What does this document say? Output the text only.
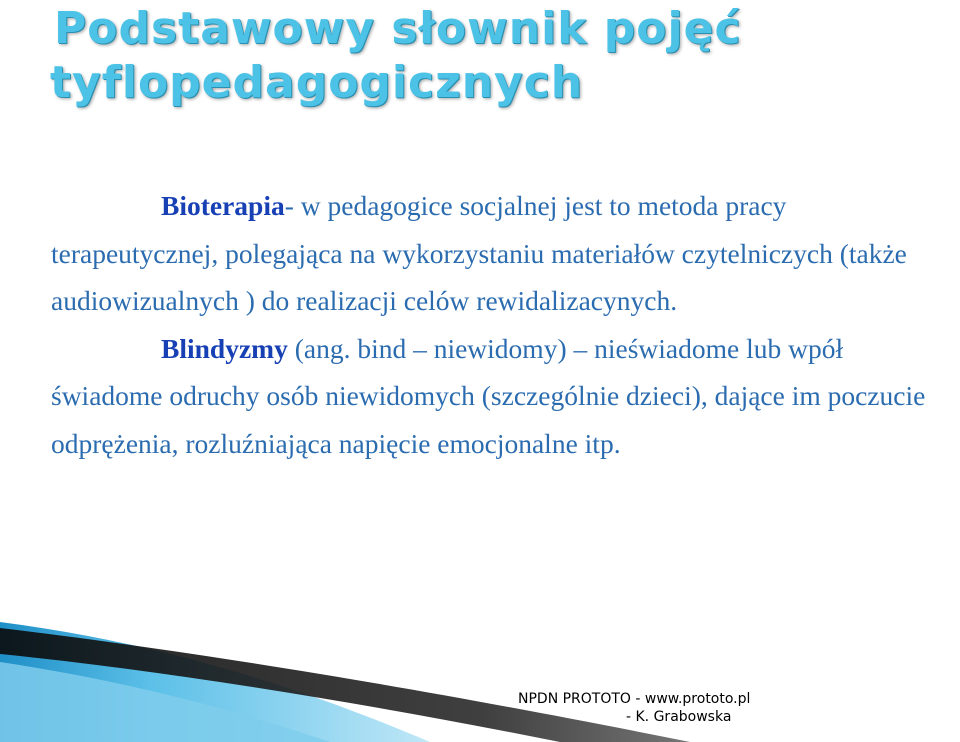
Podstawowy słownik pojęć
tyflopedagogicznych

Bioterapia- w pedagogice socjalnej jest to metoda pracy terapeutycznej, polegająca na wykorzystaniu materiałów czytelniczych (także audiowizualnych ) do realizacji celów rewidalizacynych.

Blindyzmy (ang. bind – niewidomy) – nieświadome lub wpół świadome odruchy osób niewidomych (szczególnie dzieci), dające im poczucie odprężenia, rozluźniająca napięcie emocjonalne itp.

NPDN PROTOTO - www.prototo.pl
- K. Grabowska
